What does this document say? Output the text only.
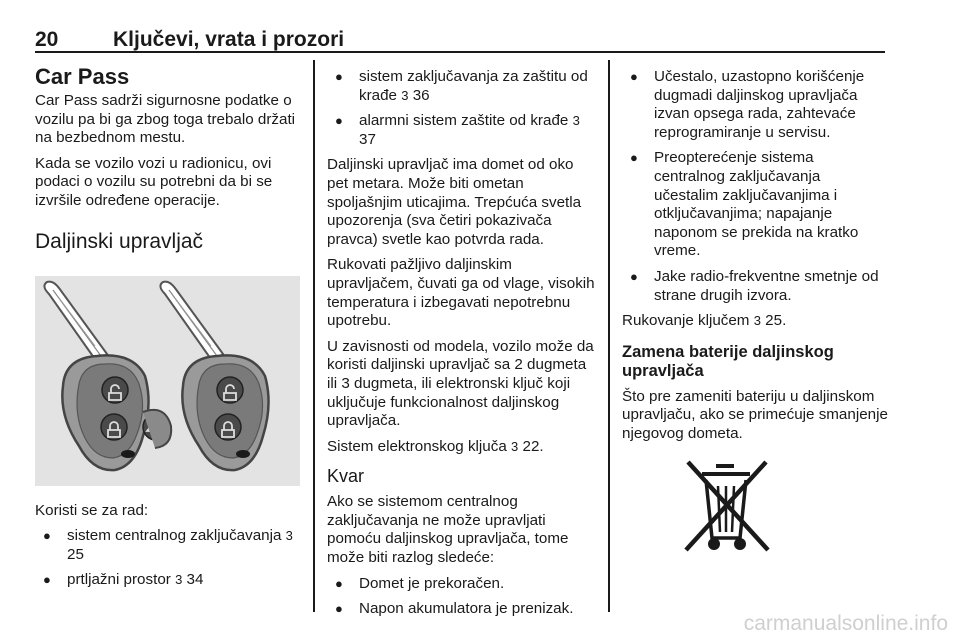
20	Ključevi, vrata i prozori
Car Pass

Car Pass sadrži sigurnosne podatke o vozilu pa bi ga zbog toga trebalo držati na bezbednom mestu.

Kada se vozilo vozi u radionicu, ovi podaci o vozilu su potrebni da bi se izvršile određene operacije.

Daljinski upravljač

Koristi se za rad:

● sistem centralnog zaključavanja 3 25
● prtljažni prostor 3 34
● sistem zaključavanja za zaštitu od krađe 3 36
● alarmni sistem zaštite od krađe 3 37

Daljinski upravljač ima domet od oko pet metara. Može biti ometan spoljašnjim uticajima. Trepćuća svetla upozorenja (sva četiri pokazivača pravca) svetle kao potvrda rada.

Rukovati pažljivo daljinskim upravljačem, čuvati ga od vlage, visokih temperatura i izbegavati nepotrebnu upotrebu.

U zavisnosti od modela, vozilo može da koristi daljinski upravljač sa 2 dugmeta ili 3 dugmeta, ili elektronski ključ koji uključuje funkcionalnost daljinskog upravljača.

Sistem elektronskog ključa 3 22.

Kvar

Ako se sistemom centralnog zaključavanja ne može upravljati pomoću daljinskog upravljača, tome može biti razlog sledeće:

● Domet je prekoračen.
● Napon akumulatora je prenizak.
● Učestalo, uzastopno korišćenje dugmadi daljinskog upravljača izvan opsega rada, zahtevaće reprogramiranje u servisu.
● Preopterećenje sistema centralnog zaključavanja učestalim zaključavanjima i otključavanjima; napajanje naponom se prekida na kratko vreme.
● Jake radio-frekventne smetnje od strane drugih izvora.

Rukovanje ključem 3 25.

Zamena baterije daljinskog upravljača

Što pre zameniti bateriju u daljinskom upravljaču, ako se primećuje smanjenje njegovog dometa.

carmanualsonline.info
